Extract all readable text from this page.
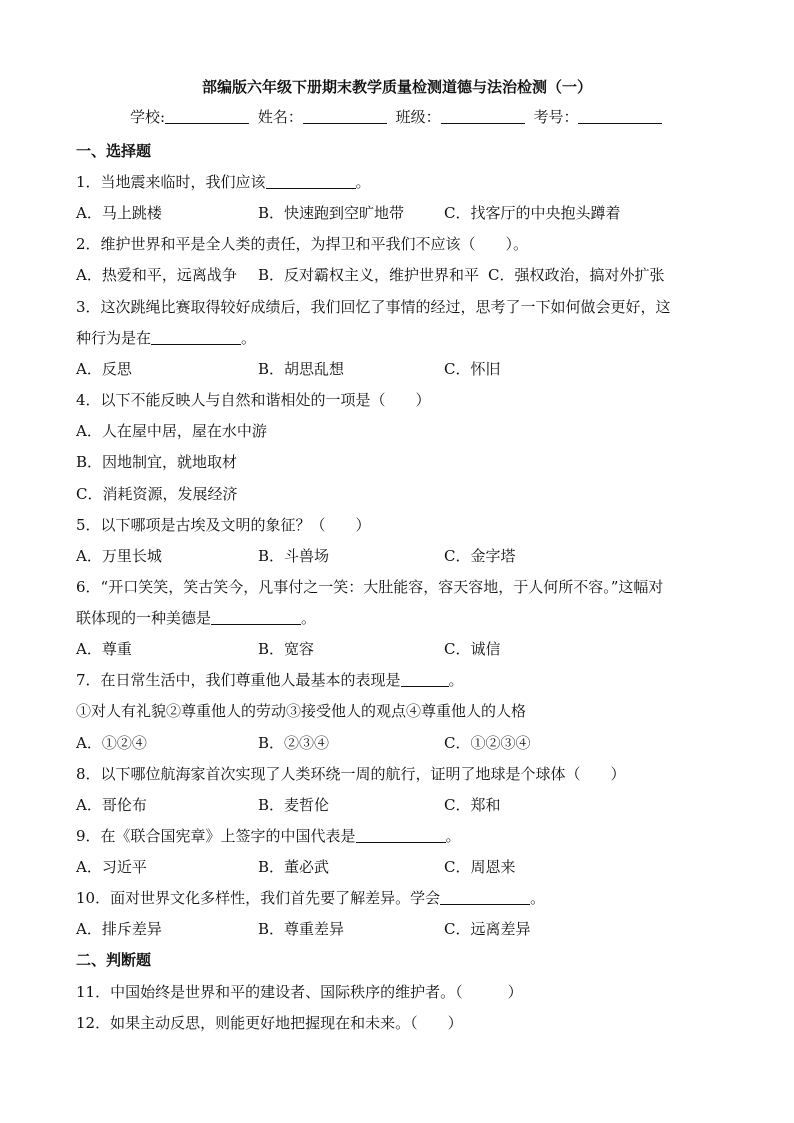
部编版六年级下册期末教学质量检测道德与法治检测（一）
学校:	姓名：	班级：	考号：
一、选择题
1．当地震来临时，我们应该	。
A．马上跳楼	B．快速跑到空旷地带	C．找客厅的中央抱头蹲着
2．维护世界和平是全人类的责任，为捍卫和平我们不应该（　　）。
A．热爱和平，远离战争 B．反对霸权主义，维护世界和平 C．强权政治，搞对外扩张
3．这次跳绳比赛取得较好成绩后，我们回忆了事情的经过，思考了一下如何做会更好，这
种行为是在	。
A．反思	B．胡思乱想	C．怀旧
4．以下不能反映人与自然和谐相处的一项是（　　）
A．人在屋中居，屋在水中游
B．因地制宜，就地取材
C．消耗资源，发展经济
5．以下哪项是古埃及文明的象征？（　　）
A．万里长城	B．斗兽场	C．金字塔
6．“开口笑笑，笑古笑今，凡事付之一笑：大肚能容，容天容地，于人何所不容。”这幅对
联体现的一种美德是	。
A．尊重	B．宽容	C．诚信
7．在日常生活中，我们尊重他人最基本的表现是	。
①对人有礼貌②尊重他人的劳动③接受他人的观点④尊重他人的人格
A．①②④	B．②③④	C．①②③④
8．以下哪位航海家首次实现了人类环绕一周的航行，证明了地球是个球体（　　）
A．哥伦布	B．麦哲伦	C．郑和
9．在《联合国宪章》上签字的中国代表是	。
A．习近平	B．董必武	C．周恩来
10．面对世界文化多样性，我们首先要了解差异。学会	。
A．排斥差异	B．尊重差异	C．远离差异
二、判断题
11．中国始终是世界和平的建设者、国际秩序的维护者。（　　　）
12．如果主动反思，则能更好地把握现在和未来。（　　）
